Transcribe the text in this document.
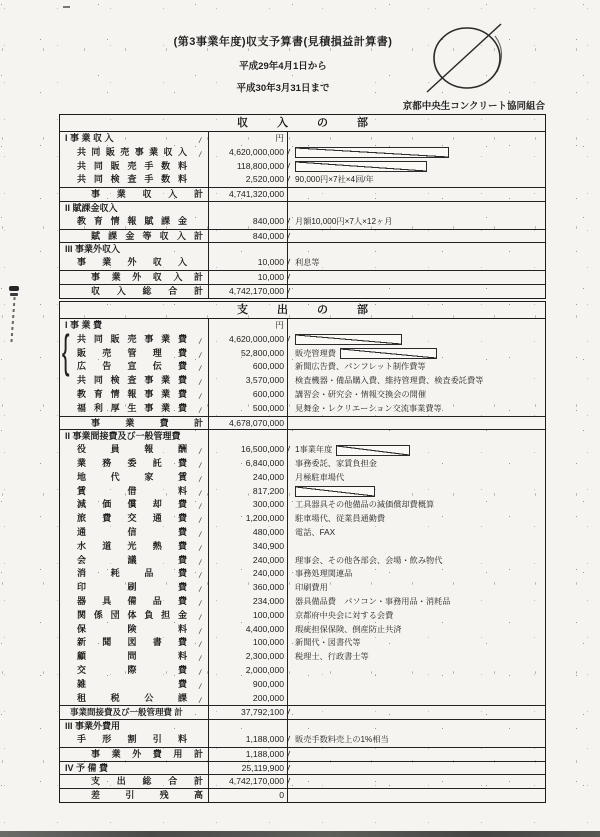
(第3事業年度)収支予算書(見積損益計算書)
平成29年4月1日から
平成30年3月31日まで
京都中央生コンクリート協同組合
収　入　の　部
I 事 業 収 入	円
/
共 同 販 売 事 業 収 入	4,620,000,000 /
/
共 同 販 売 手 数 料	118,800,000 /
共 同 検 査 手 数 料	2,520,000	90,000円×7社×4回/年
/
事 業 収 入 計	4,741,320,000
II 賦課金収入
教 育 情 報 賦 課 金	840,000	月額10,000円×7人×12ヶ月
/
賦 課 金 等 収 入 計	840,000 /
III 事業外収入
事 業 外 収 入	10,000	利息等
/
事 業 外 収 入 計	10,000 /
収 入 総 合 計	4,742,170,000 /
支　出　の　部
I 事 業 費	円
共 同 販 売 事 業 費	4,620,000,000 /
/
販 売 管 理 費	52,800,000	販売管理費
/
広 告 宣 伝 費	600,000	新聞広告費、パンフレット制作費等
/
共 同 検 査 事 業 費	3,570,000	検査機器・備品購入費、維持管理費、検査委託費等
/
教 育 情 報 事 業 費	600,000	講習会・研究会・情報交換会の開催
/
福 利 厚 生 事 業 費	500,000	見舞金・レクリエーション交流事業費等
/
事 業 費 計	4,678,070,000
II 事業間接費及び一般管理費
役 員 報 酬	16,500,000	1事業年度
/
/
業 務 委 託 費	6,840,000	事務委託、家賃負担金
/
地 代 家 賃	240,000	月極駐車場代
/
賃 借 料	817,200
/
減 価 償 却 費	300,000	工具器具その他備品の減価償却費概算
/
旅 費 交 通 費	1,200,000	駐車場代、従業員通勤費
/
通 信 費	480,000	電話、FAX
/
水 道 光 熱 費	340,900
/
会 議 費	240,000	理事会、その他各部会、会場・飲み物代
/
消 耗 品 費	240,000	事務処理関連品
/
印 刷 費	360,000	印刷費用
/
器 具 備 品 費	234,000	器具備品費　パソコン・事務用品・消耗品
/
関 係 団 体 負 担 金	100,000	京都府中央会に対する会費
/
保 険 料	4,400,000	瑕疵担保保険、倒産防止共済
/
新 聞 図 書 費	100,000	新聞代・図書代等
/
顧 問 料	2,300,000	税理士、行政書士等
/
交 際 費	2,000,000
/
雑 費	900,000
/
租 税 公 課	200,000
/
事業間接費及び一般管理費 計	37,792,100 /
III 事業外費用
手 形 割 引 料	1,188,000	販売手数料売上の1%相当
/
事 業 外 費 用 計	1,188,000 /
IV 予 備 費	25,119,900 /
支 出 総 合 計	4,742,170,000 /
差 引 残 高	0
{
